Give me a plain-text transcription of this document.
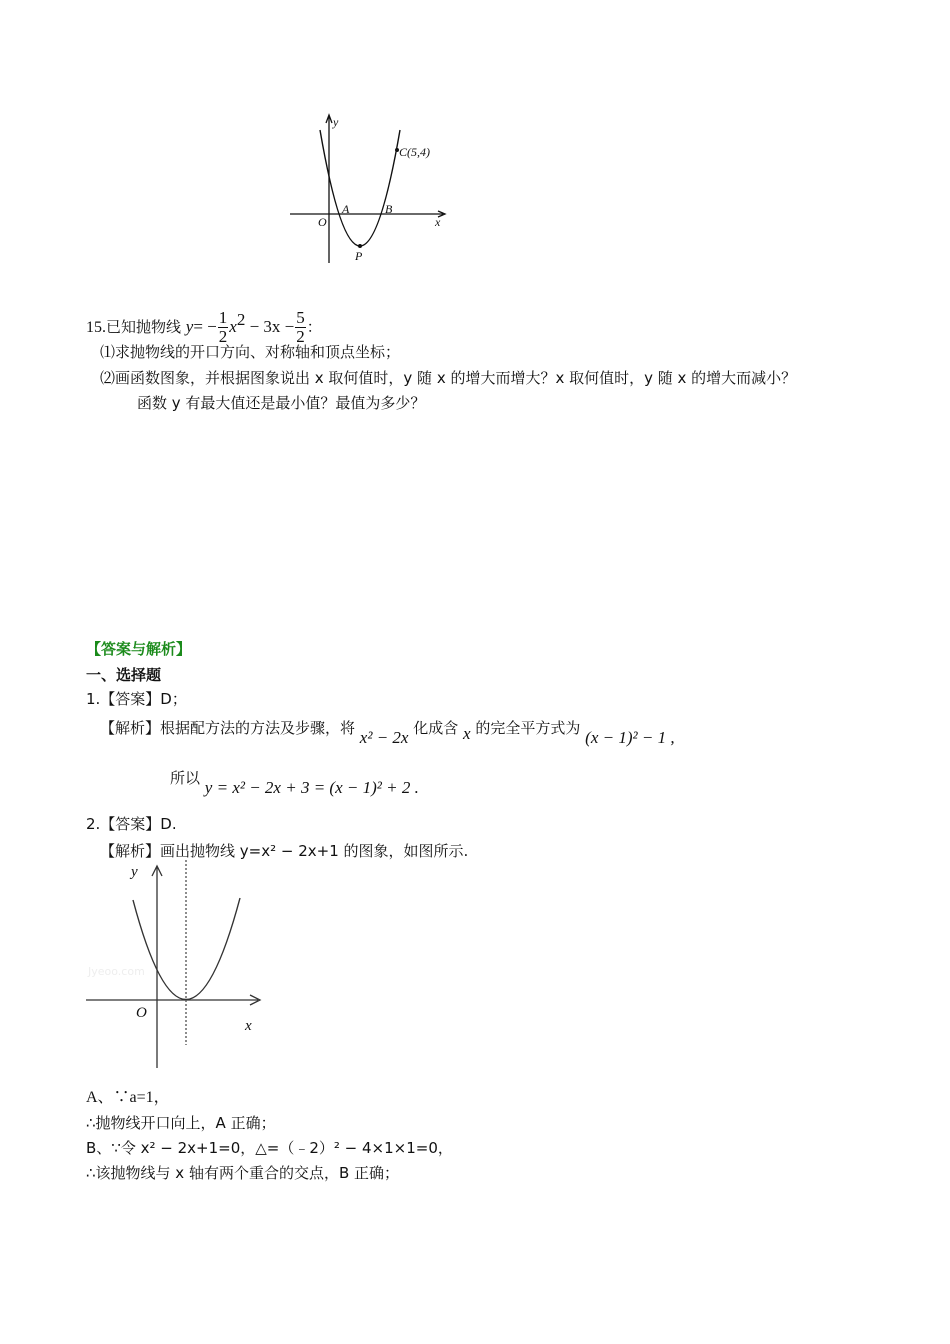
y
x
O
A	B
C(5,4)
P
15.已知抛物线 $y= - \frac{1}{2} x^2 - 3x - \frac{5}{2}$ ：
⑴求抛物线的开口方向、对称轴和顶点坐标；
⑵画函数图象，并根据图象说出 x 取何值时，y 随 x 的增大而增大？x 取何值时，y 随 x 的增大而减小？
函数 y 有最大值还是最小值？最值为多少？
【答案与解析】
一、选择题
1.【答案】D；
【解析】根据配方法的方法及步骤，将 x² − 2x 化成含 x 的完全平方式为 (x − 1)² − 1 ,
所以 y = x² − 2x + 3 = (x − 1)² + 2 .
2.【答案】D.
【解析】画出抛物线 y=x² − 2x+1 的图象，如图所示.
y
x
O
Jyeoo.com
A、∵a=1，
∴抛物线开口向上，A 正确；
B、∵令 x² − 2x+1=0，△=（﹣2）² − 4×1×1=0，
∴该抛物线与 x 轴有两个重合的交点，B 正确；
